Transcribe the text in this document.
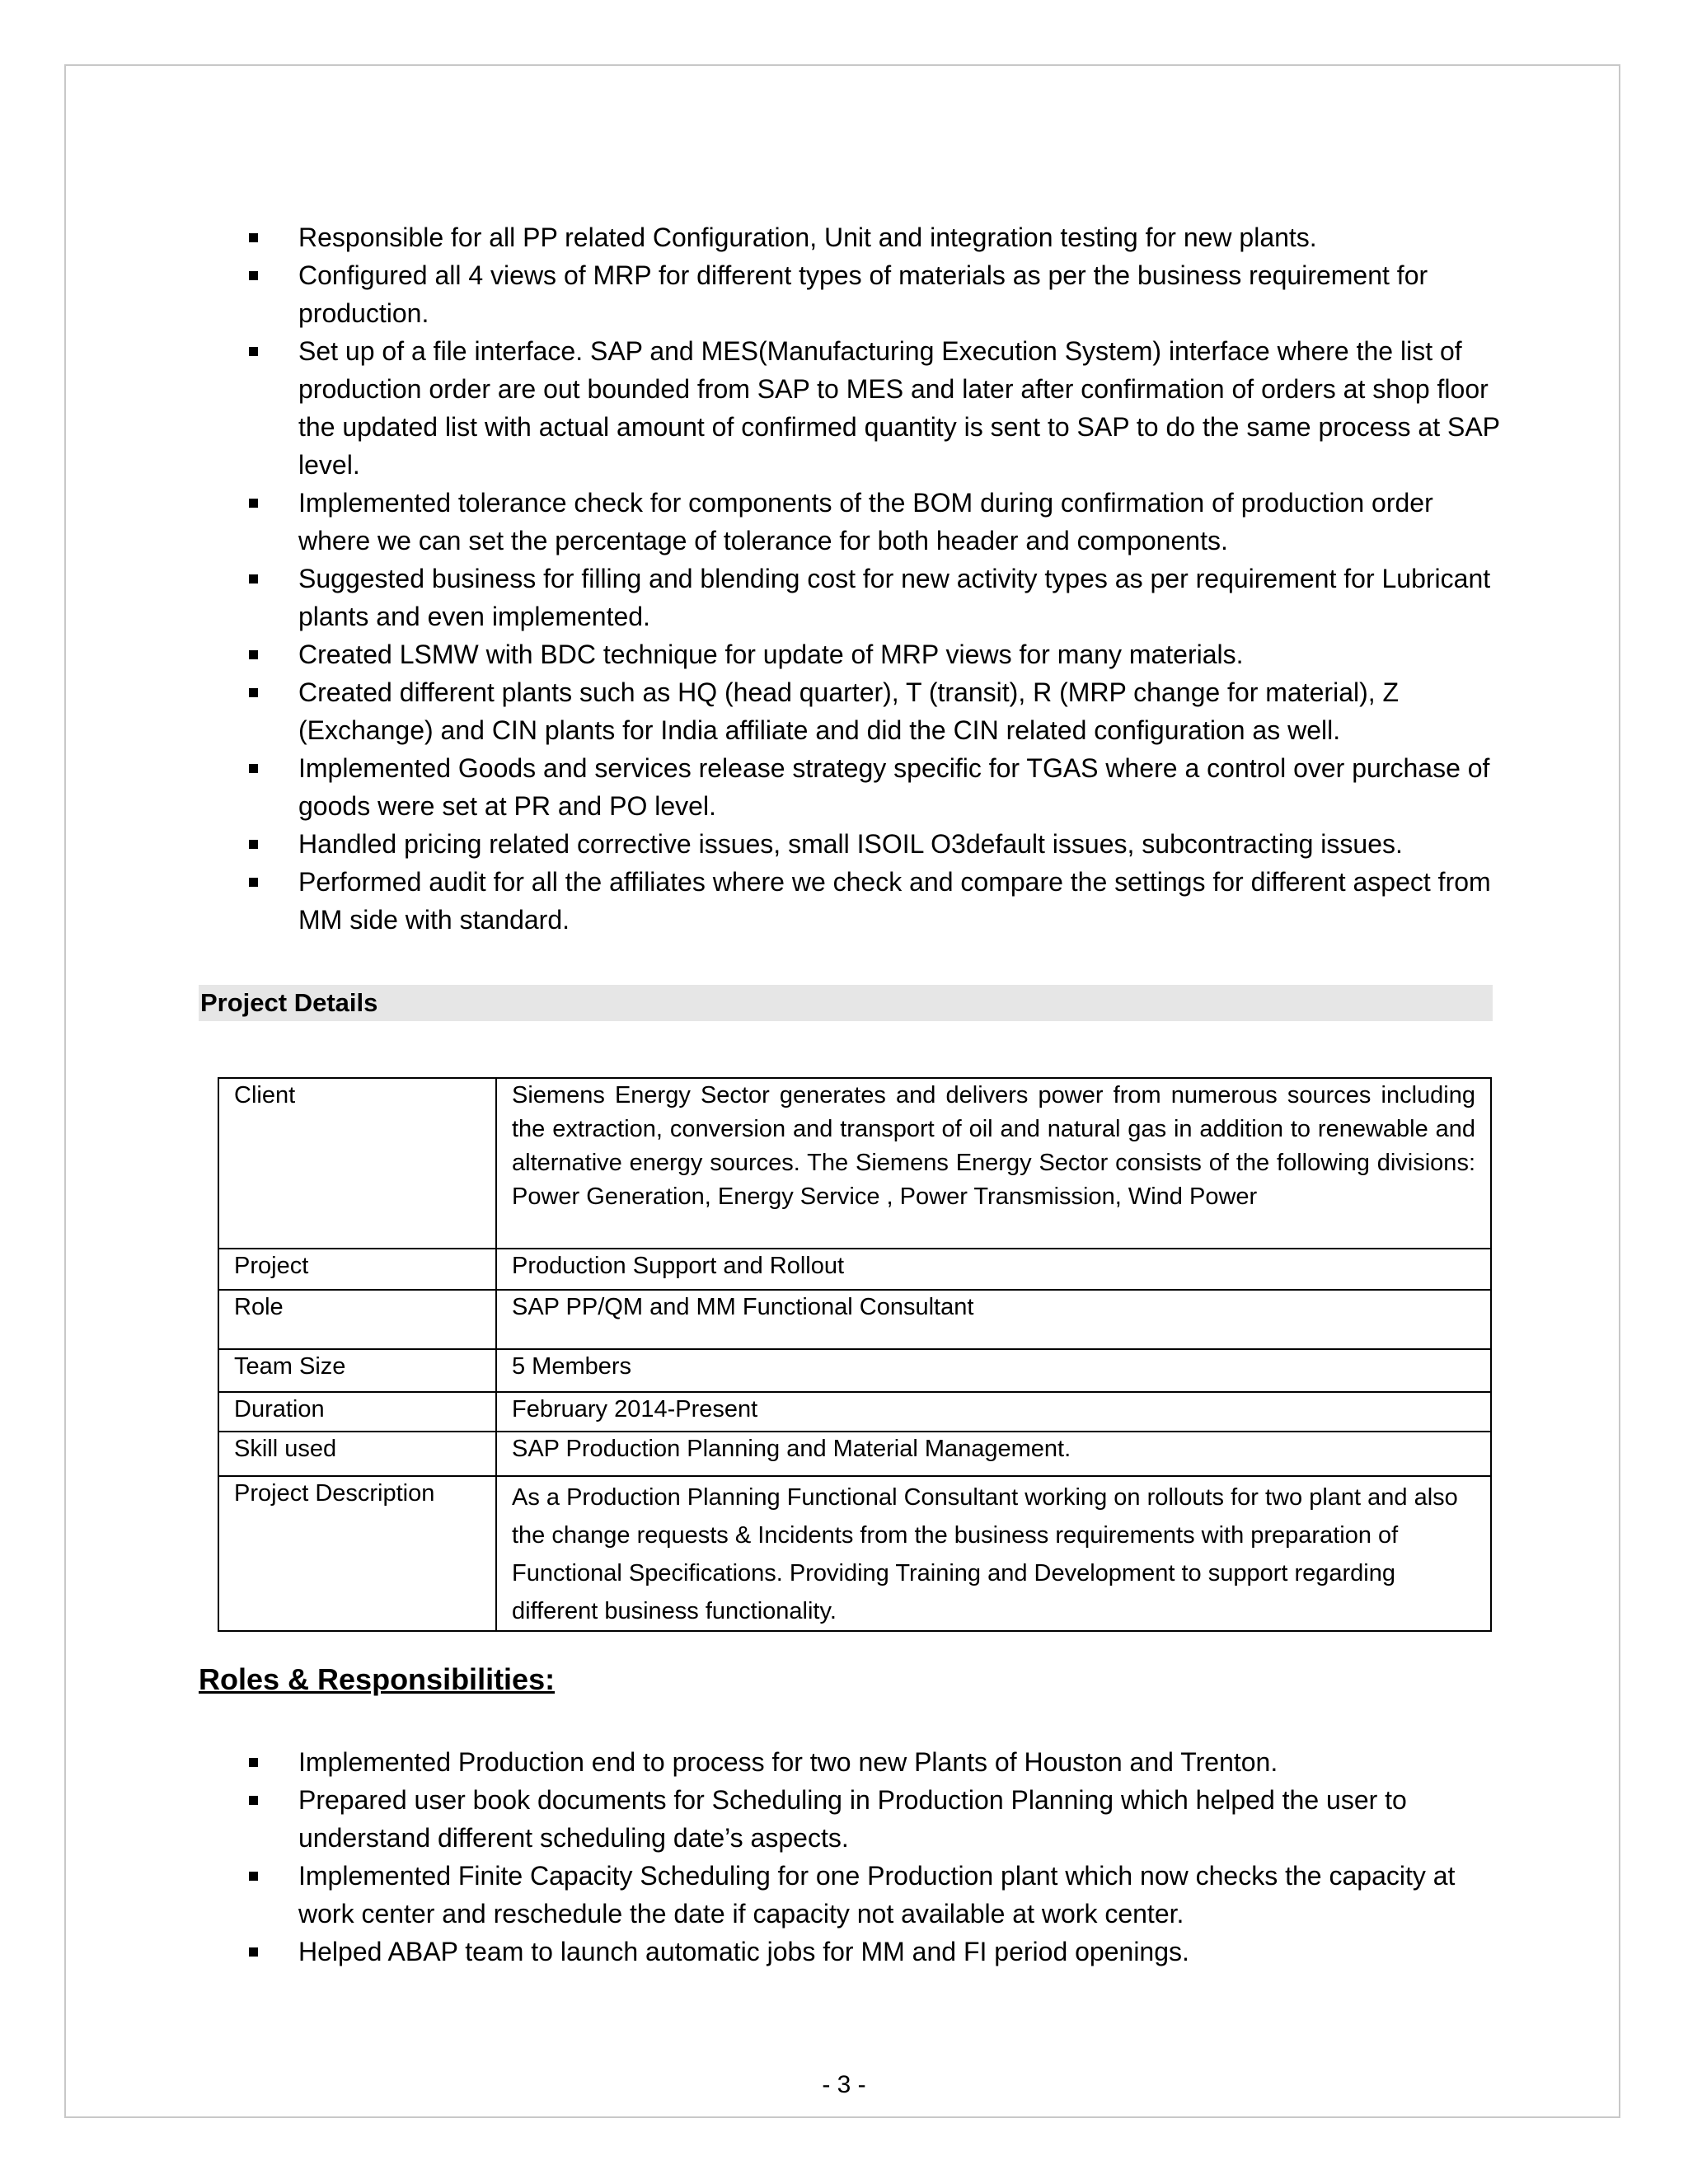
Responsible for all PP related Configuration, Unit and integration testing for new plants.
Configured all 4 views of MRP for different types of materials as per the business requirement for production.
Set up of a file interface. SAP and MES(Manufacturing Execution System) interface where the list of production order are out bounded from SAP to MES and later after confirmation of orders at shop floor the updated list with actual amount of confirmed quantity is sent to SAP to do the same process at SAP level.
Implemented tolerance check for components of the BOM during confirmation of production order where we can set the percentage of tolerance for both header and components.
Suggested business for filling and blending cost for new activity types as per requirement for Lubricant plants and even implemented.
Created LSMW with BDC technique for update of MRP views for many materials.
Created different plants such as HQ (head quarter), T (transit), R (MRP change for material), Z (Exchange) and CIN plants for India affiliate and did the CIN related configuration as well.
Implemented Goods and services release strategy specific for TGAS where a control over purchase of goods were set at PR and PO level.
Handled pricing related corrective issues, small ISOIL O3default issues, subcontracting issues.
Performed audit for all the affiliates where we check and compare the settings for different aspect from MM side with standard.
Project Details
Client	Siemens Energy Sector generates and delivers power from numerous sources including the extraction, conversion and transport of oil and natural gas in addition to renewable and alternative energy sources. The Siemens Energy Sector consists of the following divisions: Power Generation, Energy Service , Power Transmission, Wind Power
Project	Production Support and Rollout
Role	SAP PP/QM and MM Functional Consultant
Team Size	5 Members
Duration	February 2014-Present
Skill used	SAP Production Planning and Material Management.
Project Description	As a Production Planning Functional Consultant working on rollouts for two plant and also the change requests & Incidents from the business requirements with preparation of Functional Specifications. Providing Training and Development to support regarding different business functionality.
Roles & Responsibilities:
Implemented Production end to process for two new Plants of Houston and Trenton.
Prepared user book documents for Scheduling in Production Planning which helped the user to understand different scheduling date’s aspects.
Implemented Finite Capacity Scheduling for one Production plant which now checks the capacity at work center and reschedule the date if capacity not available at work center.
Helped ABAP team to launch automatic jobs for MM and FI period openings.
- 3 -
